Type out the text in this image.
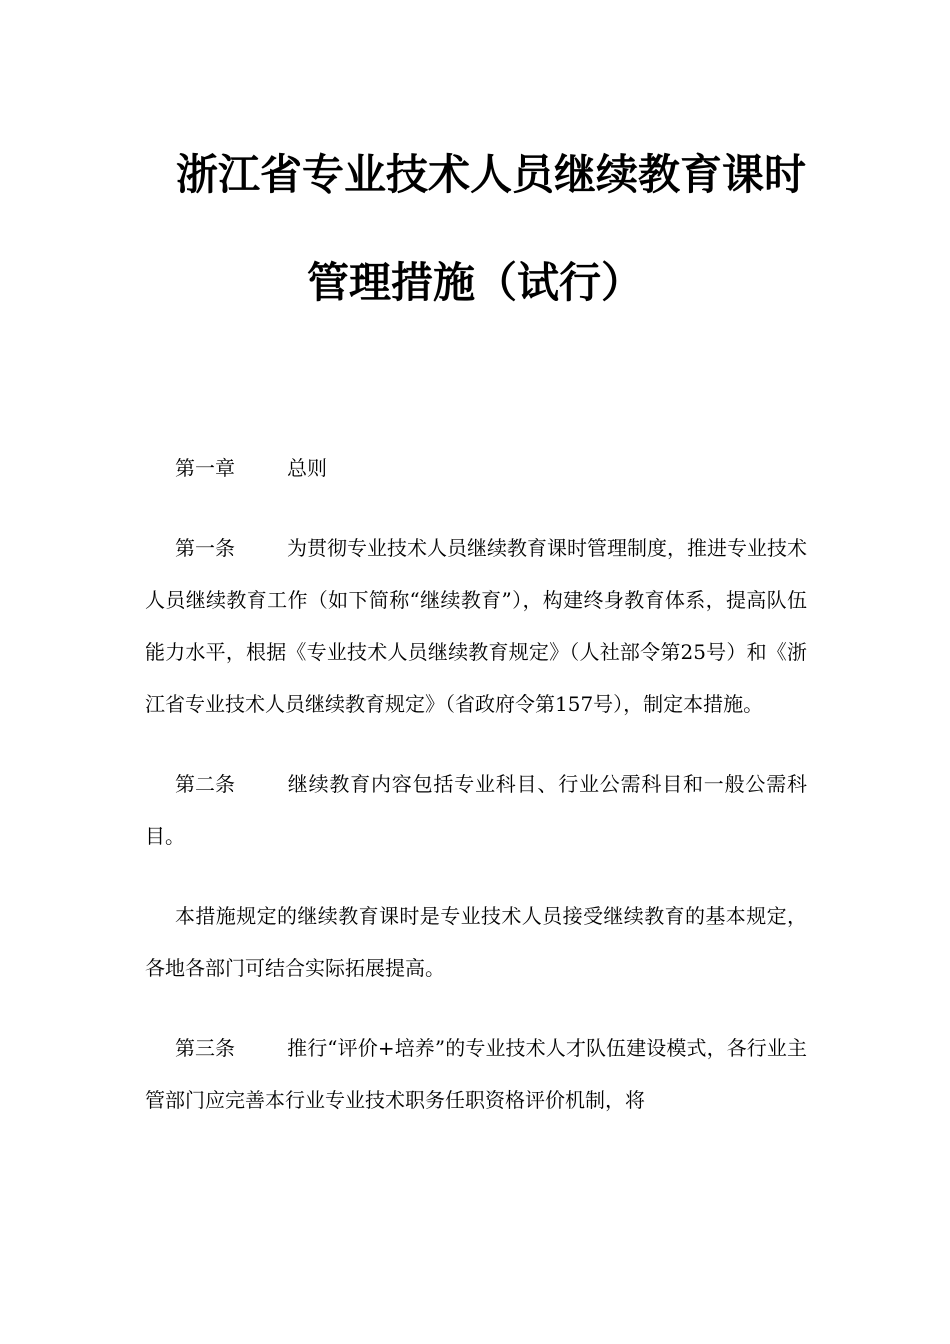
浙江省专业技术人员继续教育课时
管理措施（试行）

第一章	总则

第一条	为贯彻专业技术人员继续教育课时管理制度，推进专业技术人员继续教育工作（如下简称“继续教育”），构建终身教育体系，提高队伍能力水平，根据《专业技术人员继续教育规定》（人社部令第25号）和《浙江省专业技术人员继续教育规定》（省政府令第157号），制定本措施。

第二条	继续教育内容包括专业科目、行业公需科目和一般公需科目。

本措施规定的继续教育课时是专业技术人员接受继续教育的基本规定，各地各部门可结合实际拓展提高。

第三条	推行“评价+培养”的专业技术人才队伍建设模式，各行业主管部门应完善本行业专业技术职务任职资格评价机制，将
